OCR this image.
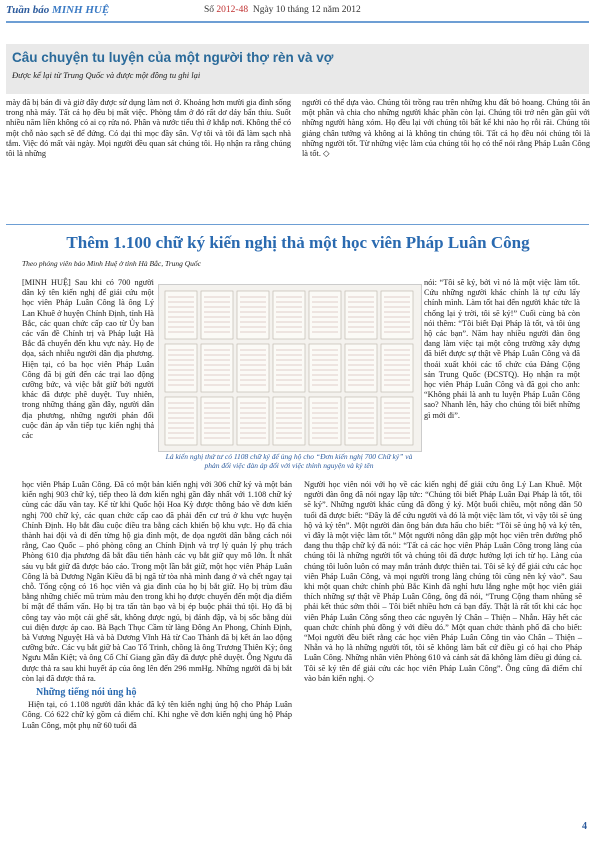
Tuần báo MINH HUỆ	Số 2012-48 Ngày 10 tháng 12 năm 2012
Câu chuyện tu luyện của một người thợ rèn và vợ
Được kể lại từ Trung Quốc và được một đồng tu ghi lại

mày đã bị bán đi và giờ đây được sử dụng làm nơi ở. Khoảng hơn mười gia đình sống trong nhà máy. Tất cả họ đều bị mất việc. Phòng tắm ở đó rất dơ dáy bẩn thỉu. Suốt nhiều năm liền không có ai cọ rửa nó. Phân và nước tiểu thì ở khắp nơi. Không thể có một chỗ nào sạch sẽ để đứng. Có dại thì mọc đầy sân. Vợ tôi và tôi đã làm sạch nhà tắm. Việc đó mất vài ngày. Mọi người đều quan sát chúng tôi. Họ nhận ra rằng chúng tôi là những

người có thể dựa vào. Chúng tôi trồng rau trên những khu đất bỏ hoang. Chúng tôi ăn một phần và chia cho những người khác phần còn lại. Chúng tôi trở nên gần gũi với những người hàng xóm. Họ đều lại với chúng tôi bất kể khi nào họ rỗi rãi. Chúng tôi giảng chân tướng và không ai là không tin chúng tôi. Tất cả họ đều nói chúng tôi là những người tốt. Từ những việc làm của chúng tôi họ có thể nói rằng Pháp Luân Công là tốt. ◇

Thêm 1.100 chữ ký kiến nghị thả một học viên Pháp Luân Công
Theo phóng viên báo Minh Huệ ở tỉnh Hà Bắc, Trung Quốc

[MINH HUỆ] Sau khi có 700 người dân ký tên kiến nghị để giải cứu một học viên Pháp Luân Công là ông Lý Lan Khuê ở huyện Chính Định, tỉnh Hà Bắc, các quan chức cấp cao từ Ủy ban các vấn đề Chính trị và Pháp luật Hà Bắc đã chuyển đến khu vực này. Họ đe dọa, sách nhiễu người dân địa phương. Hiện tại, có ba học viên Pháp Luân Công đã bị gửi đến các trại lao động cưỡng bức, và việc bắt giữ bởi người khác đã được phê duyệt. Tuy nhiên, trong những tháng gần đây, người dân địa phương, những người phản đối cuộc đàn áp vẫn tiếp tục kiến nghị thả các

Lá kiến nghị thứ tư có 1108 chữ ký để ủng hộ cho “Đơn kiến nghị 700 Chữ ký” và phản đối việc đàn áp đối với việc thỉnh nguyện và ký tên

nói: “Tôi sẽ ký, bởi vì nó là một việc làm tốt. Cứu những người khác chính là tự cứu lấy chính mình. Làm tốt hai đến người khác tức là chống lại ý trời, tôi sẽ ký!” Cuối cùng bà còn nói thêm: “Tôi biết Đại Pháp là tốt, và tôi ủng hộ các bạn”. Năm hay nhiều người đàn ông đang làm việc tại một công trường xây dựng đã biết được sự thật về Pháp Luân Công và đã thoái xuất khỏi các tổ chức của Đảng Cộng sản Trung Quốc (ĐCSTQ). Họ nhận ra một học viên Pháp Luân Công và đã gọi cho anh: “Không phải là anh tu luyện Pháp Luân Công sao? Nhanh lên, hãy cho chúng tôi biết những gì mới đi”.

học viên Pháp Luân Công. Đã có một bản kiến nghị với 306 chữ ký và một bản kiến nghị 903 chữ ký, tiếp theo là đơn kiến nghị gần đây nhất với 1.108 chữ ký cùng các dấu vân tay. Kể từ khi Quốc hội Hoa Kỳ được thông báo về đơn kiến nghị 700 chữ ký, các quan chức cấp cao đã phải đến cư trú ở khu vực huyện Chính Định. Họ bắt đầu cuộc điều tra bằng cách khiến bộ khu vực. Họ đã chia thành hai đội và đi đến từng hộ gia đình một, đe dọa người dân bằng cách nói rằng, Cao Quốc – phó phòng công an Chính Định và trợ lý quản lý phụ trách Phòng 610 địa phương đã bắt đầu tiến hành các vụ bắt giữ quy mô lớn. Ít nhất sáu vụ bắt giữ đã được báo cáo. Trong một lần bắt giữ, một học viên Pháp Luân Công là bà Dương Ngân Kiều đã bị ngã từ tòa nhà mình đang ở và chết ngay tại chỗ. Tổng cộng có 16 học viên và gia đình của họ bị bắt giữ. Họ bị trùm đầu bằng những chiếc mũ trùm màu đen trong khi họ được chuyển đến một địa điểm bí mật để thẩm vấn. Họ bị tra tấn tàn bạo và bị ép buộc phải thú tội. Họ đã bị công tay vào một cái ghế sắt, không được ngủ, bị đánh đập, và bị sốc bằng dùi cui điện được áp cao. Bà Bạch Thục Cầm từ làng Đông An Phong, Chính Định, bà Vương Nguyệt Hà và bà Dương Vĩnh Hà từ Cao Thành đã bị kết án lao động cưỡng bức. Các vụ bắt giữ bà Cao Tố Trinh, chồng là ông Trương Thiên Kỳ; ông Ngưu Mẫn Kiệt; và ông Cố Chí Giang gần đây đã được phê duyệt. Ông Ngưu đã được thả ra sau khi huyết áp của ông lên đến 296 mmHg. Những người đã bị bắt còn lại đã được thả ra.

Những tiếng nói ủng hộ

Hiện tại, có 1.108 người dân khác đã ký tên kiến nghị ủng hộ cho Pháp Luân Công. Có 622 chữ ký gồm cả điểm chỉ. Khi nghe về đơn kiến nghị ủng hộ Pháp Luân Công, một phụ nữ 60 tuổi đã

Người học viên nói với họ về các kiến nghị để giải cứu ông Lý Lan Khuê. Một người đàn ông đã nói ngay lập tức: “Chúng tôi biết Pháp Luân Đại Pháp là tốt, tôi sẽ ký”. Những người khác cũng đã đồng ý ký. Một buổi chiều, một nông dân 50 tuổi đã được biết: “Đây là để cứu người và đó là một việc làm tốt, vì vậy tôi sẽ ủng hộ và ký tên”. Một người đàn ông bán đưa hấu cho biết: “Tôi sẽ ủng hộ và ký tên, vì đây là một việc làm tốt.” Một người nông dân gặp một học viên trên đường phố đang thu thập chữ ký đã nói: “Tất cả các học viên Pháp Luân Công trong làng của chúng tôi là những người tốt và chúng tôi đã được hưởng lợi ích từ họ. Làng của chúng tôi luôn luôn có may mắn tránh được thiên tai. Tôi sẽ ký để giải cứu các học viên Pháp Luân Công, và mọi người trong làng chúng tôi cũng nên ký vào”. Sau khi một quan chức chính phủ Bắc Kinh đã nghỉ hưu lắng nghe một học viên giải thích những sự thật về Pháp Luân Công, ông đã nói, “Trung Cộng tham nhũng sẽ phải kết thúc sớm thôi – Tôi biết nhiều hơn cả bạn đấy. Thật là rất tốt khi các học viên Pháp Luân Công sống theo các nguyên lý Chân – Thiện – Nhẫn. Hãy hết các quan chức chính phủ đồng ý với điều đó.” Một quan chức thành phố đã cho biết: “Mọi người đều biết rằng các học viên Pháp Luân Công tin vào Chân – Thiện – Nhẫn và họ là những người tốt, tôi sẽ không làm bất cứ điều gì có hại cho Pháp Luân Công. Những nhân viên Phòng 610 và cảnh sát đã không làm điều gì đúng cả. Tôi sẽ ký tên để giải cứu các học viên Pháp Luân Công”. Ông cũng đã điểm chỉ vào bản kiến nghị. ◇

4
